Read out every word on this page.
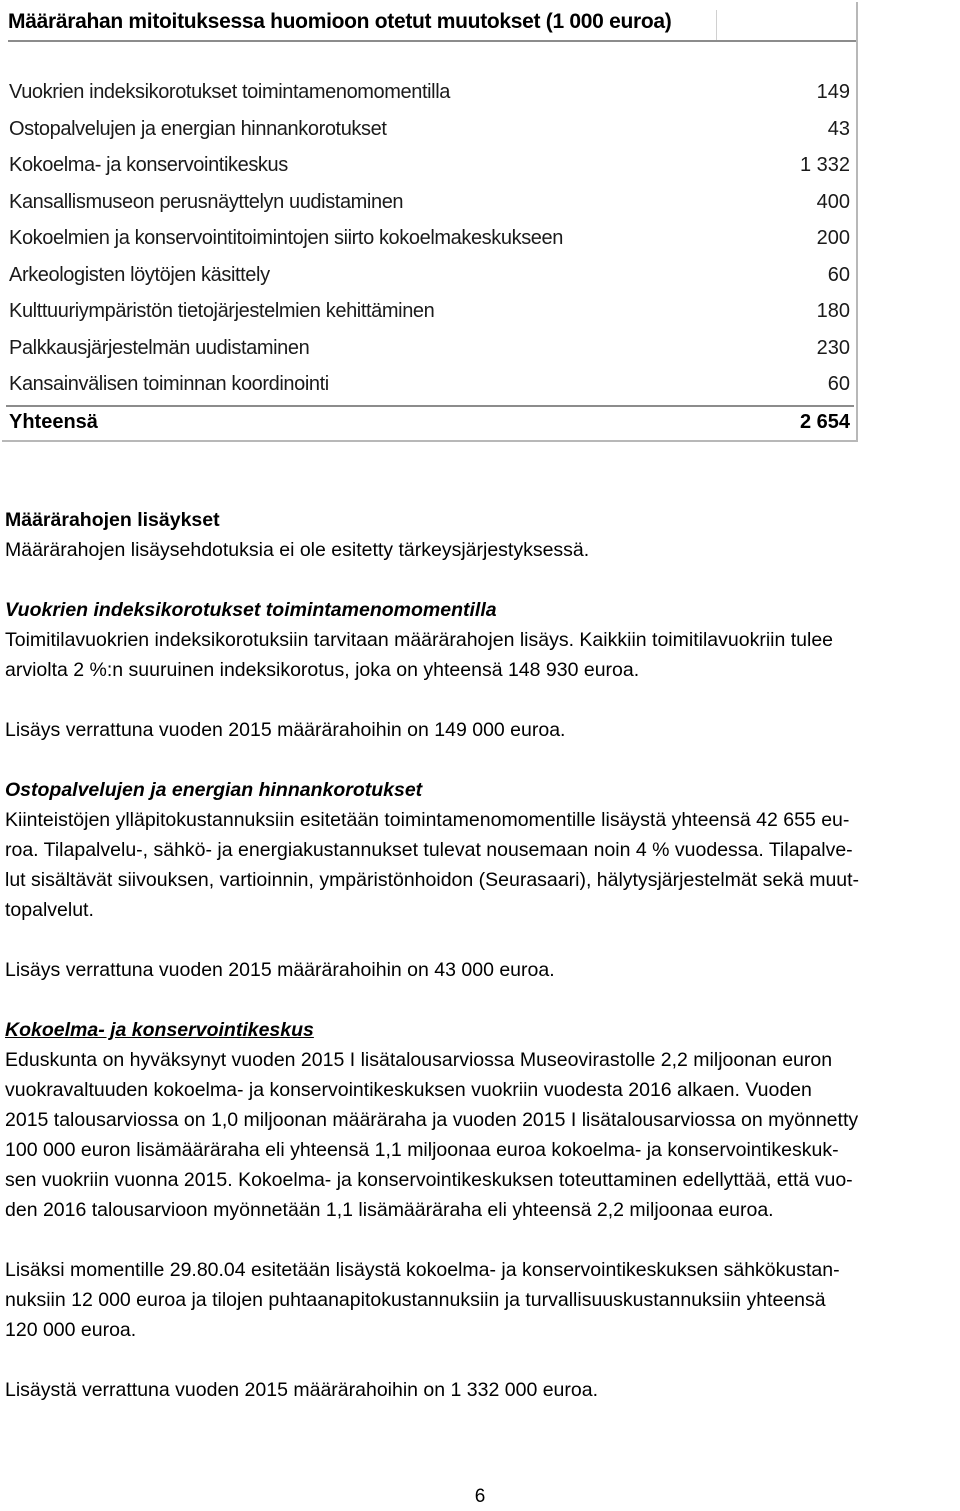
Määrärahan mitoituksessa huomioon otetut muutokset (1 000 euroa)
Vuokrien indeksikorotukset toimintamenomomentilla	149
Ostopalvelujen ja energian hinnankorotukset	43
Kokoelma- ja konservointikeskus	1 332
Kansallismuseon perusnäyttelyn uudistaminen	400
Kokoelmien ja konservointitoimintojen siirto kokoelmakeskukseen	200
Arkeologisten löytöjen käsittely	60
Kulttuuriympäristön tietojärjestelmien kehittäminen	180
Palkkausjärjestelmän uudistaminen	230
Kansainvälisen toiminnan koordinointi	60
Yhteensä	2 654

Määrärahojen lisäykset

Määrärahojen lisäysehdotuksia ei ole esitetty tärkeysjärjestyksessä.

Vuokrien indeksikorotukset toimintamenomomentilla

Toimitilavuokrien indeksikorotuksiin tarvitaan määrärahojen lisäys. Kaikkiin toimitilavuokriin tulee

arviolta 2 %:n suuruinen indeksikorotus, joka on yhteensä 148 930 euroa.

Lisäys verrattuna vuoden 2015 määrärahoihin on 149 000 euroa.

Ostopalvelujen ja energian hinnankorotukset

Kiinteistöjen ylläpitokustannuksiin esitetään toimintamenomomentille lisäystä yhteensä 42 655 eu-

roa. Tilapalvelu-, sähkö- ja energiakustannukset tulevat nousemaan noin 4 % vuodessa. Tilapalve-

lut sisältävät siivouksen, vartioinnin, ympäristönhoidon (Seurasaari), hälytysjärjestelmät sekä muut-

topalvelut.

Lisäys verrattuna vuoden 2015 määrärahoihin on 43 000 euroa.

Kokoelma- ja konservointikeskus

Eduskunta on hyväksynyt vuoden 2015 I lisätalousarviossa Museovirastolle 2,2 miljoonan euron

vuokravaltuuden kokoelma- ja konservointikeskuksen vuokriin vuodesta 2016 alkaen. Vuoden

2015 talousarviossa on 1,0 miljoonan määräraha ja vuoden 2015 I lisätalousarviossa on myönnetty

100 000 euron lisämääräraha eli yhteensä 1,1 miljoonaa euroa kokoelma- ja konservointikeskuk-

sen vuokriin vuonna 2015. Kokoelma- ja konservointikeskuksen toteuttaminen edellyttää, että vuo-

den 2016 talousarvioon myönnetään 1,1 lisämääräraha eli yhteensä 2,2 miljoonaa euroa.

Lisäksi momentille 29.80.04 esitetään lisäystä kokoelma- ja konservointikeskuksen sähkökustan-

nuksiin 12 000 euroa ja tilojen puhtaanapitokustannuksiin ja turvallisuuskustannuksiin yhteensä

120 000 euroa.

Lisäystä verrattuna vuoden 2015 määrärahoihin on 1 332 000 euroa.

6
